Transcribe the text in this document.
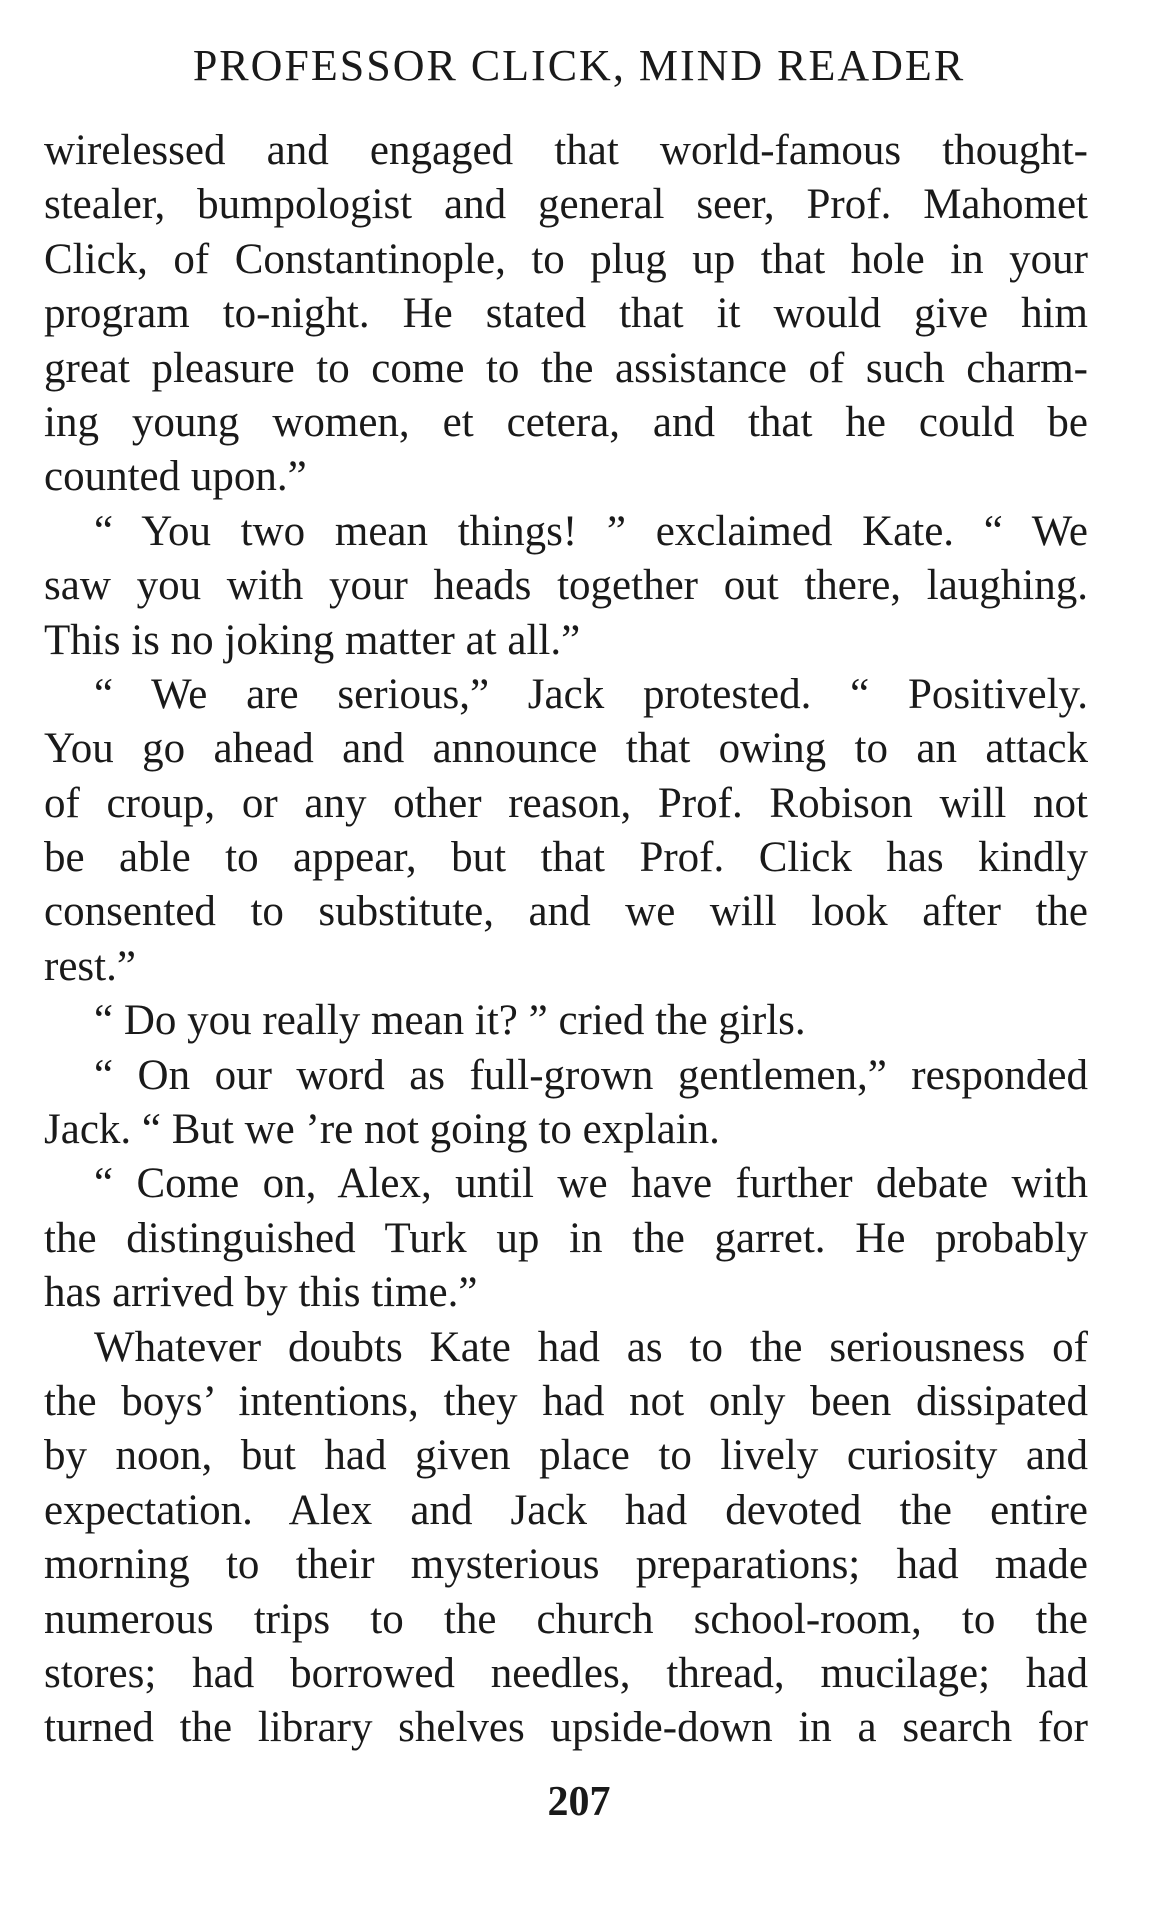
PROFESSOR CLICK, MIND READER
wirelessed and engaged that world-famous thought-
stealer, bumpologist and general seer, Prof. Mahomet
Click, of Constantinople, to plug up that hole in your
program to-night. He stated that it would give him
great pleasure to come to the assistance of such charm-
ing young women, et cetera, and that he could be
counted upon.”
“ You two mean things! ” exclaimed Kate. “ We
saw you with your heads together out there, laughing.
This is no joking matter at all.”
“ We are serious,” Jack protested. “ Positively.
You go ahead and announce that owing to an attack
of croup, or any other reason, Prof. Robison will not
be able to appear, but that Prof. Click has kindly
consented to substitute, and we will look after the
rest.”
“ Do you really mean it? ” cried the girls.
“ On our word as full-grown gentlemen,” responded
Jack. “ But we ’re not going to explain.
“ Come on, Alex, until we have further debate with
the distinguished Turk up in the garret. He probably
has arrived by this time.”
Whatever doubts Kate had as to the seriousness of
the boys’ intentions, they had not only been dissipated
by noon, but had given place to lively curiosity and
expectation. Alex and Jack had devoted the entire
morning to their mysterious preparations; had made
numerous trips to the church school-room, to the
stores; had borrowed needles, thread, mucilage; had
turned the library shelves upside-down in a search for
207
